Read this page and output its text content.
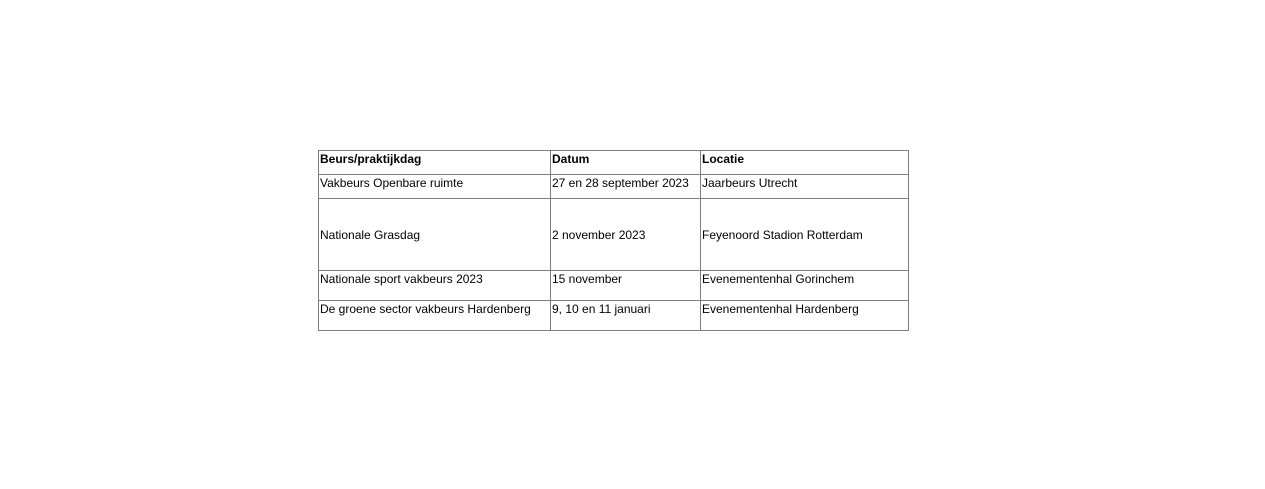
Beurs/praktijkdag	Datum	Locatie
Vakbeurs Openbare ruimte	27 en 28 september 2023	Jaarbeurs Utrecht
Nationale Grasdag	2 november 2023	Feyenoord Stadion Rotterdam
Nationale sport vakbeurs 2023	15 november	Evenementenhal Gorinchem
De groene sector vakbeurs Hardenberg	9, 10 en 11 januari	Evenementenhal Hardenberg
